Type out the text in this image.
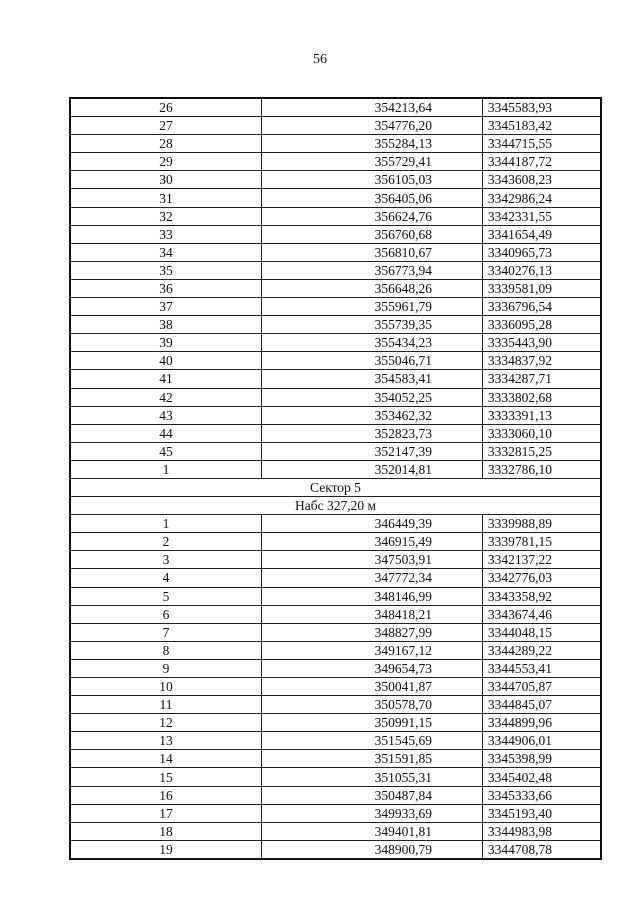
56
26	354213,64	3345583,93
27	354776,20	3345183,42
28	355284,13	3344715,55
29	355729,41	3344187,72
30	356105,03	3343608,23
31	356405,06	3342986,24
32	356624,76	3342331,55
33	356760,68	3341654,49
34	356810,67	3340965,73
35	356773,94	3340276,13
36	356648,26	3339581,09
37	355961,79	3336796,54
38	355739,35	3336095,28
39	355434,23	3335443,90
40	355046,71	3334837,92
41	354583,41	3334287,71
42	354052,25	3333802,68
43	353462,32	3333391,13
44	352823,73	3333060,10
45	352147,39	3332815,25
1	352014,81	3332786,10
Сектор 5		
Набс 327,20 м		
1	346449,39	3339988,89
2	346915,49	3339781,15
3	347503,91	3342137,22
4	347772,34	3342776,03
5	348146,99	3343358,92
6	348418,21	3343674,46
7	348827,99	3344048,15
8	349167,12	3344289,22
9	349654,73	3344553,41
10	350041,87	3344705,87
11	350578,70	3344845,07
12	350991,15	3344899,96
13	351545,69	3344906,01
14	351591,85	3345398,99
15	351055,31	3345402,48
16	350487,84	3345333,66
17	349933,69	3345193,40
18	349401,81	3344983,98
19	348900,79	3344708,78
